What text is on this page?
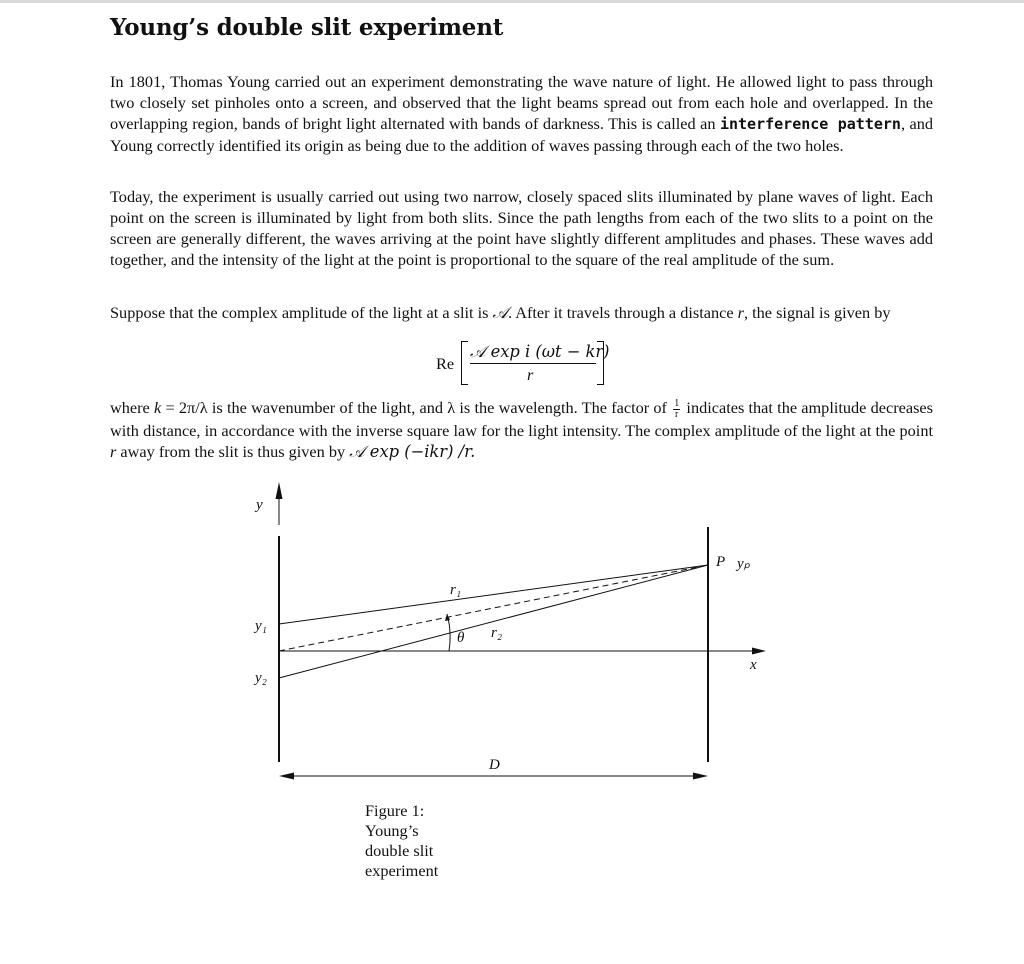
Young’s double slit experiment

In 1801, Thomas Young carried out an experiment demonstrating the wave nature of light. He allowed light to pass through two closely set pinholes onto a screen, and observed that the light beams spread out from each hole and overlapped. In the overlapping region, bands of bright light alternated with bands of darkness. This is called an interference pattern, and Young correctly identified its origin as being due to the addition of waves passing through each of the two holes.

Today, the experiment is usually carried out using two narrow, closely spaced slits illuminated by plane waves of light. Each point on the screen is illuminated by light from both slits. Since the path lengths from each of the two slits to a point on the screen are generally different, the waves arriving at the point have slightly different amplitudes and phases. These waves add together, and the intensity of the light at the point is proportional to the square of the real amplitude of the sum.

Suppose that the complex amplitude of the light at a slit is 𝒜. After it travels through a distance r, the signal is given by

Re
𝒜 exp i (ωt − kr)
r

where k = 2π/λ is the wavenumber of the light, and λ is the wavelength. The factor of $\frac{1}{r}$ indicates that the amplitude decreases with distance, in accordance with the inverse square law for the light intensity. The complex amplitude of the light at the point r away from the slit is thus given by 𝒜 exp (−ikr) /r.

y
y₁
y₂
r₁
r₂
θ
P yₚ
x
D
Figure 1: Young’s double slit experiment
